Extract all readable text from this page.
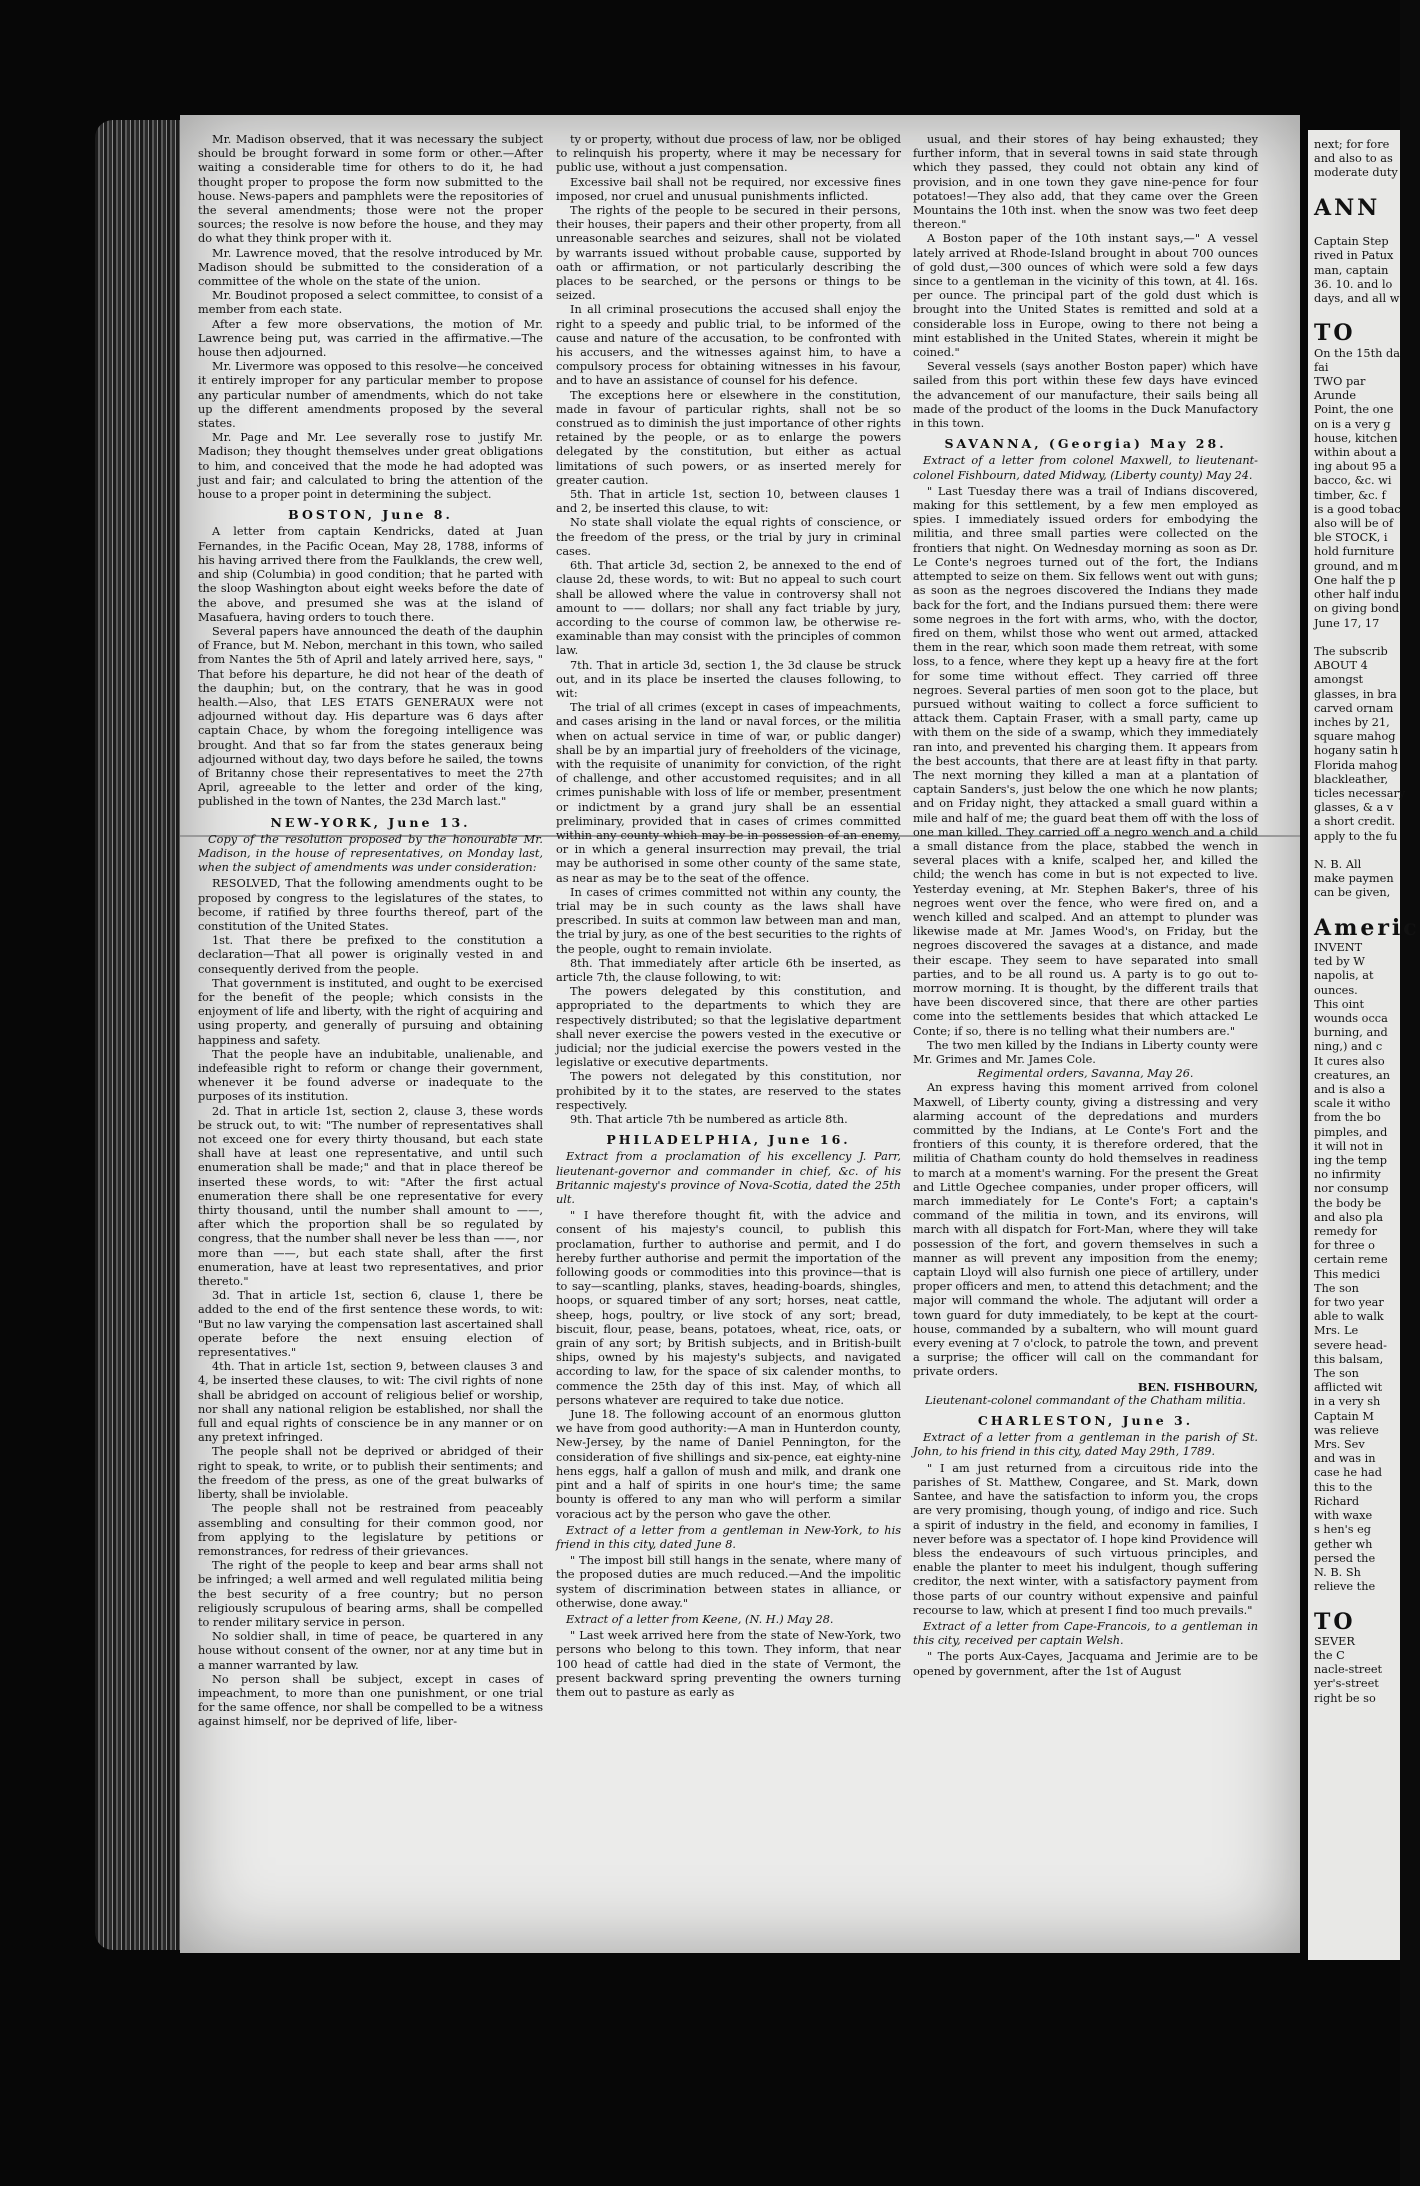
Mr. Madison observed, that it was necessary the subject should be brought forward in some form or other.—After waiting a considerable time for others to do it, he had thought proper to propose the form now submitted to the house. News-papers and pamphlets were the repositories of the several amendments; those were not the proper sources; the resolve is now before the house, and they may do what they think proper with it.

Mr. Lawrence moved, that the resolve introduced by Mr. Madison should be submitted to the consideration of a committee of the whole on the state of the union.

Mr. Boudinot proposed a select committee, to consist of a member from each state.

After a few more observations, the motion of Mr. Lawrence being put, was carried in the affirmative.—The house then adjourned.

Mr. Livermore was opposed to this resolve—he conceived it entirely improper for any particular member to propose any particular number of amendments, which do not take up the different amendments proposed by the several states.

Mr. Page and Mr. Lee severally rose to justify Mr. Madison; they thought themselves under great obligations to him, and conceived that the mode he had adopted was just and fair; and calculated to bring the attention of the house to a proper point in determining the subject.

BOSTON, June 8.

A letter from captain Kendricks, dated at Juan Fernandes, in the Pacific Ocean, May 28, 1788, informs of his having arrived there from the Faulklands, the crew well, and ship (Columbia) in good condition; that he parted with the sloop Washington about eight weeks before the date of the above, and presumed she was at the island of Masafuera, having orders to touch there.

Several papers have announced the death of the dauphin of France, but M. Nebon, merchant in this town, who sailed from Nantes the 5th of April and lately arrived here, says, " That before his departure, he did not hear of the death of the dauphin; but, on the contrary, that he was in good health.—Also, that LES ETATS GENERAUX were not adjourned without day. His departure was 6 days after captain Chace, by whom the foregoing intelligence was brought. And that so far from the states generaux being adjourned without day, two days before he sailed, the towns of Britanny chose their representatives to meet the 27th April, agreeable to the letter and order of the king, published in the town of Nantes, the 23d March last."

NEW-YORK, June 13.

Copy of the resolution proposed by the honourable Mr. Madison, in the house of representatives, on Monday last, when the subject of amendments was under consideration:

RESOLVED, That the following amendments ought to be proposed by congress to the legislatures of the states, to become, if ratified by three fourths thereof, part of the constitution of the United States.

1st. That there be prefixed to the constitution a declaration—That all power is originally vested in and consequently derived from the people.

That government is instituted, and ought to be exercised for the benefit of the people; which consists in the enjoyment of life and liberty, with the right of acquiring and using property, and generally of pursuing and obtaining happiness and safety.

That the people have an indubitable, unalienable, and indefeasible right to reform or change their government, whenever it be found adverse or inadequate to the purposes of its institution.

2d. That in article 1st, section 2, clause 3, these words be struck out, to wit: "The number of representatives shall not exceed one for every thirty thousand, but each state shall have at least one representative, and until such enumeration shall be made;" and that in place thereof be inserted these words, to wit: "After the first actual enumeration there shall be one representative for every thirty thousand, until the number shall amount to ——, after which the proportion shall be so regulated by congress, that the number shall never be less than ——, nor more than ——, but each state shall, after the first enumeration, have at least two representatives, and prior thereto."

3d. That in article 1st, section 6, clause 1, there be added to the end of the first sentence these words, to wit: "But no law varying the compensation last ascertained shall operate before the next ensuing election of representatives."

4th. That in article 1st, section 9, between clauses 3 and 4, be inserted these clauses, to wit: The civil rights of none shall be abridged on account of religious belief or worship, nor shall any national religion be established, nor shall the full and equal rights of conscience be in any manner or on any pretext infringed.

The people shall not be deprived or abridged of their right to speak, to write, or to publish their sentiments; and the freedom of the press, as one of the great bulwarks of liberty, shall be inviolable.

The people shall not be restrained from peaceably assembling and consulting for their common good, nor from applying to the legislature by petitions or remonstrances, for redress of their grievances.

The right of the people to keep and bear arms shall not be infringed; a well armed and well regulated militia being the best security of a free country; but no person religiously scrupulous of bearing arms, shall be compelled to render military service in person.

No soldier shall, in time of peace, be quartered in any house without consent of the owner, nor at any time but in a manner warranted by law.

No person shall be subject, except in cases of impeachment, to more than one punishment, or one trial for the same offence, nor shall be compelled to be a witness against himself, nor be deprived of life, liber-

ty or property, without due process of law, nor be obliged to relinquish his property, where it may be necessary for public use, without a just compensation.

Excessive bail shall not be required, nor excessive fines imposed, nor cruel and unusual punishments inflicted.

The rights of the people to be secured in their persons, their houses, their papers and their other property, from all unreasonable searches and seizures, shall not be violated by warrants issued without probable cause, supported by oath or affirmation, or not particularly describing the places to be searched, or the persons or things to be seized.

In all criminal prosecutions the accused shall enjoy the right to a speedy and public trial, to be informed of the cause and nature of the accusation, to be confronted with his accusers, and the witnesses against him, to have a compulsory process for obtaining witnesses in his favour, and to have an assistance of counsel for his defence.

The exceptions here or elsewhere in the constitution, made in favour of particular rights, shall not be so construed as to diminish the just importance of other rights retained by the people, or as to enlarge the powers delegated by the constitution, but either as actual limitations of such powers, or as inserted merely for greater caution.

5th. That in article 1st, section 10, between clauses 1 and 2, be inserted this clause, to wit:

No state shall violate the equal rights of conscience, or the freedom of the press, or the trial by jury in criminal cases.

6th. That article 3d, section 2, be annexed to the end of clause 2d, these words, to wit: But no appeal to such court shall be allowed where the value in controversy shall not amount to —— dollars; nor shall any fact triable by jury, according to the course of common law, be otherwise re-examinable than may consist with the principles of common law.

7th. That in article 3d, section 1, the 3d clause be struck out, and in its place be inserted the clauses following, to wit:

The trial of all crimes (except in cases of impeachments, and cases arising in the land or naval forces, or the militia when on actual service in time of war, or public danger) shall be by an impartial jury of freeholders of the vicinage, with the requisite of unanimity for conviction, of the right of challenge, and other accustomed requisites; and in all crimes punishable with loss of life or member, presentment or indictment by a grand jury shall be an essential preliminary, provided that in cases of crimes committed within any county which may be in possession of an enemy, or in which a general insurrection may prevail, the trial may be authorised in some other county of the same state, as near as may be to the seat of the offence.

In cases of crimes committed not within any county, the trial may be in such county as the laws shall have prescribed. In suits at common law between man and man, the trial by jury, as one of the best securities to the rights of the people, ought to remain inviolate.

8th. That immediately after article 6th be inserted, as article 7th, the clause following, to wit:

The powers delegated by this constitution, and appropriated to the departments to which they are respectively distributed; so that the legislative department shall never exercise the powers vested in the executive or judicial; nor the judicial exercise the powers vested in the legislative or executive departments.

The powers not delegated by this constitution, nor prohibited by it to the states, are reserved to the states respectively.

9th. That article 7th be numbered as article 8th.

PHILADELPHIA, June 16.

Extract from a proclamation of his excellency J. Parr, lieutenant-governor and commander in chief, &c. of his Britannic majesty's province of Nova-Scotia, dated the 25th ult.

" I have therefore thought fit, with the advice and consent of his majesty's council, to publish this proclamation, further to authorise and permit, and I do hereby further authorise and permit the importation of the following goods or commodities into this province—that is to say—scantling, planks, staves, heading-boards, shingles, hoops, or squared timber of any sort; horses, neat cattle, sheep, hogs, poultry, or live stock of any sort; bread, biscuit, flour, pease, beans, potatoes, wheat, rice, oats, or grain of any sort; by British subjects, and in British-built ships, owned by his majesty's subjects, and navigated according to law, for the space of six calender months, to commence the 25th day of this inst. May, of which all persons whatever are required to take due notice.

June 18. The following account of an enormous glutton we have from good authority:—A man in Hunterdon county, New-Jersey, by the name of Daniel Pennington, for the consideration of five shillings and six-pence, eat eighty-nine hens eggs, half a gallon of mush and milk, and drank one pint and a half of spirits in one hour's time; the same bounty is offered to any man who will perform a similar voracious act by the person who gave the other.

Extract of a letter from a gentleman in New-York, to his friend in this city, dated June 8.

" The impost bill still hangs in the senate, where many of the proposed duties are much reduced.—And the impolitic system of discrimination between states in alliance, or otherwise, done away."

Extract of a letter from Keene, (N. H.) May 28.

" Last week arrived here from the state of New-York, two persons who belong to this town. They inform, that near 100 head of cattle had died in the state of Vermont, the present backward spring preventing the owners turning them out to pasture as early as

usual, and their stores of hay being exhausted; they further inform, that in several towns in said state through which they passed, they could not obtain any kind of provision, and in one town they gave nine-pence for four potatoes!—They also add, that they came over the Green Mountains the 10th inst. when the snow was two feet deep thereon."

A Boston paper of the 10th instant says,—" A vessel lately arrived at Rhode-Island brought in about 700 ounces of gold dust,—300 ounces of which were sold a few days since to a gentleman in the vicinity of this town, at 4l. 16s. per ounce. The principal part of the gold dust which is brought into the United States is remitted and sold at a considerable loss in Europe, owing to there not being a mint established in the United States, wherein it might be coined."

Several vessels (says another Boston paper) which have sailed from this port within these few days have evinced the advancement of our manufacture, their sails being all made of the product of the looms in the Duck Manufactory in this town.

SAVANNA, (Georgia) May 28.

Extract of a letter from colonel Maxwell, to lieutenant-colonel Fishbourn, dated Midway, (Liberty county) May 24.

" Last Tuesday there was a trail of Indians discovered, making for this settlement, by a few men employed as spies. I immediately issued orders for embodying the militia, and three small parties were collected on the frontiers that night. On Wednesday morning as soon as Dr. Le Conte's negroes turned out of the fort, the Indians attempted to seize on them. Six fellows went out with guns; as soon as the negroes discovered the Indians they made back for the fort, and the Indians pursued them: there were some negroes in the fort with arms, who, with the doctor, fired on them, whilst those who went out armed, attacked them in the rear, which soon made them retreat, with some loss, to a fence, where they kept up a heavy fire at the fort for some time without effect. They carried off three negroes. Several parties of men soon got to the place, but pursued without waiting to collect a force sufficient to attack them. Captain Fraser, with a small party, came up with them on the side of a swamp, which they immediately ran into, and prevented his charging them. It appears from the best accounts, that there are at least fifty in that party. The next morning they killed a man at a plantation of captain Sanders's, just below the one which he now plants; and on Friday night, they attacked a small guard within a mile and half of me; the guard beat them off with the loss of one man killed. They carried off a negro wench and a child a small distance from the place, stabbed the wench in several places with a knife, scalped her, and killed the child; the wench has come in but is not expected to live. Yesterday evening, at Mr. Stephen Baker's, three of his negroes went over the fence, who were fired on, and a wench killed and scalped. And an attempt to plunder was likewise made at Mr. James Wood's, on Friday, but the negroes discovered the savages at a distance, and made their escape. They seem to have separated into small parties, and to be all round us. A party is to go out to-morrow morning. It is thought, by the different trails that have been discovered since, that there are other parties come into the settlements besides that which attacked Le Conte; if so, there is no telling what their numbers are."

The two men killed by the Indians in Liberty county were Mr. Grimes and Mr. James Cole.

Regimental orders, Savanna, May 26.

An express having this moment arrived from colonel Maxwell, of Liberty county, giving a distressing and very alarming account of the depredations and murders committed by the Indians, at Le Conte's Fort and the frontiers of this county, it is therefore ordered, that the militia of Chatham county do hold themselves in readiness to march at a moment's warning. For the present the Great and Little Ogechee companies, under proper officers, will march immediately for Le Conte's Fort; a captain's command of the militia in town, and its environs, will march with all dispatch for Fort-Man, where they will take possession of the fort, and govern themselves in such a manner as will prevent any imposition from the enemy; captain Lloyd will also furnish one piece of artillery, under proper officers and men, to attend this detachment; and the major will command the whole. The adjutant will order a town guard for duty immediately, to be kept at the court-house, commanded by a subaltern, who will mount guard every evening at 7 o'clock, to patrole the town, and prevent a surprise; the officer will call on the commandant for private orders.

BEN. FISHBOURN,

Lieutenant-colonel commandant of the Chatham militia.

CHARLESTON, June 3.

Extract of a letter from a gentleman in the parish of St. John, to his friend in this city, dated May 29th, 1789.

" I am just returned from a circuitous ride into the parishes of St. Matthew, Congaree, and St. Mark, down Santee, and have the satisfaction to inform you, the crops are very promising, though young, of indigo and rice. Such a spirit of industry in the field, and economy in families, I never before was a spectator of. I hope kind Providence will bless the endeavours of such virtuous principles, and enable the planter to meet his indulgent, though suffering creditor, the next winter, with a satisfactory payment from those parts of our country without expensive and painful recourse to law, which at present I find too much prevails."

Extract of a letter from Cape-Francois, to a gentleman in this city, received per captain Welsh.

" The ports Aux-Cayes, Jacquama and Jerimie are to be opened by government, after the 1st of August

next; for fore
and also to as
moderate duty

ANN

Captain Step
rived in Patux
man, captain
36. 10. and lo
days, and all w

TO
On the 15th da
fai
TWO par
Arunde
Point, the one
on is a very g
house, kitchen
within about a
ing about 95 a
bacco, &c. wi
timber, &c. f
is a good tobac
also will be of
ble STOCK, i
hold furniture
ground, and m
One half the p
other half indu
on giving bond
June 17, 17

The subscrib
ABOUT 4
amongst
glasses, in bra
carved ornam
inches by 21,
square mahog
hogany satin h
Florida mahog
blackleather,
ticles necessary
glasses, & a v
a short credit.
apply to the fu

N. B. All
make paymen
can be given,

Americ
INVENT
ted by W
napolis, at
ounces.
This oint
wounds occa
burning, and
ning,) and c
It cures also
creatures, an
and is also a
scale it witho
from the bo
pimples, and
it will not in
ing the temp
no infirmity
nor consump
the body be
and also pla
remedy for
for three o
certain reme
This medici
The son
for two year
able to walk
Mrs. Le
severe head-
this balsam,
The son
afflicted wit
in a very sh
Captain M
was relieve
Mrs. Sev
and was in
case he had
this to the
Richard
with waxe
s hen's eg
gether wh
persed the
N. B. Sh
relieve the

TO
SEVER
the C
nacle-street
yer's-street
right be so
